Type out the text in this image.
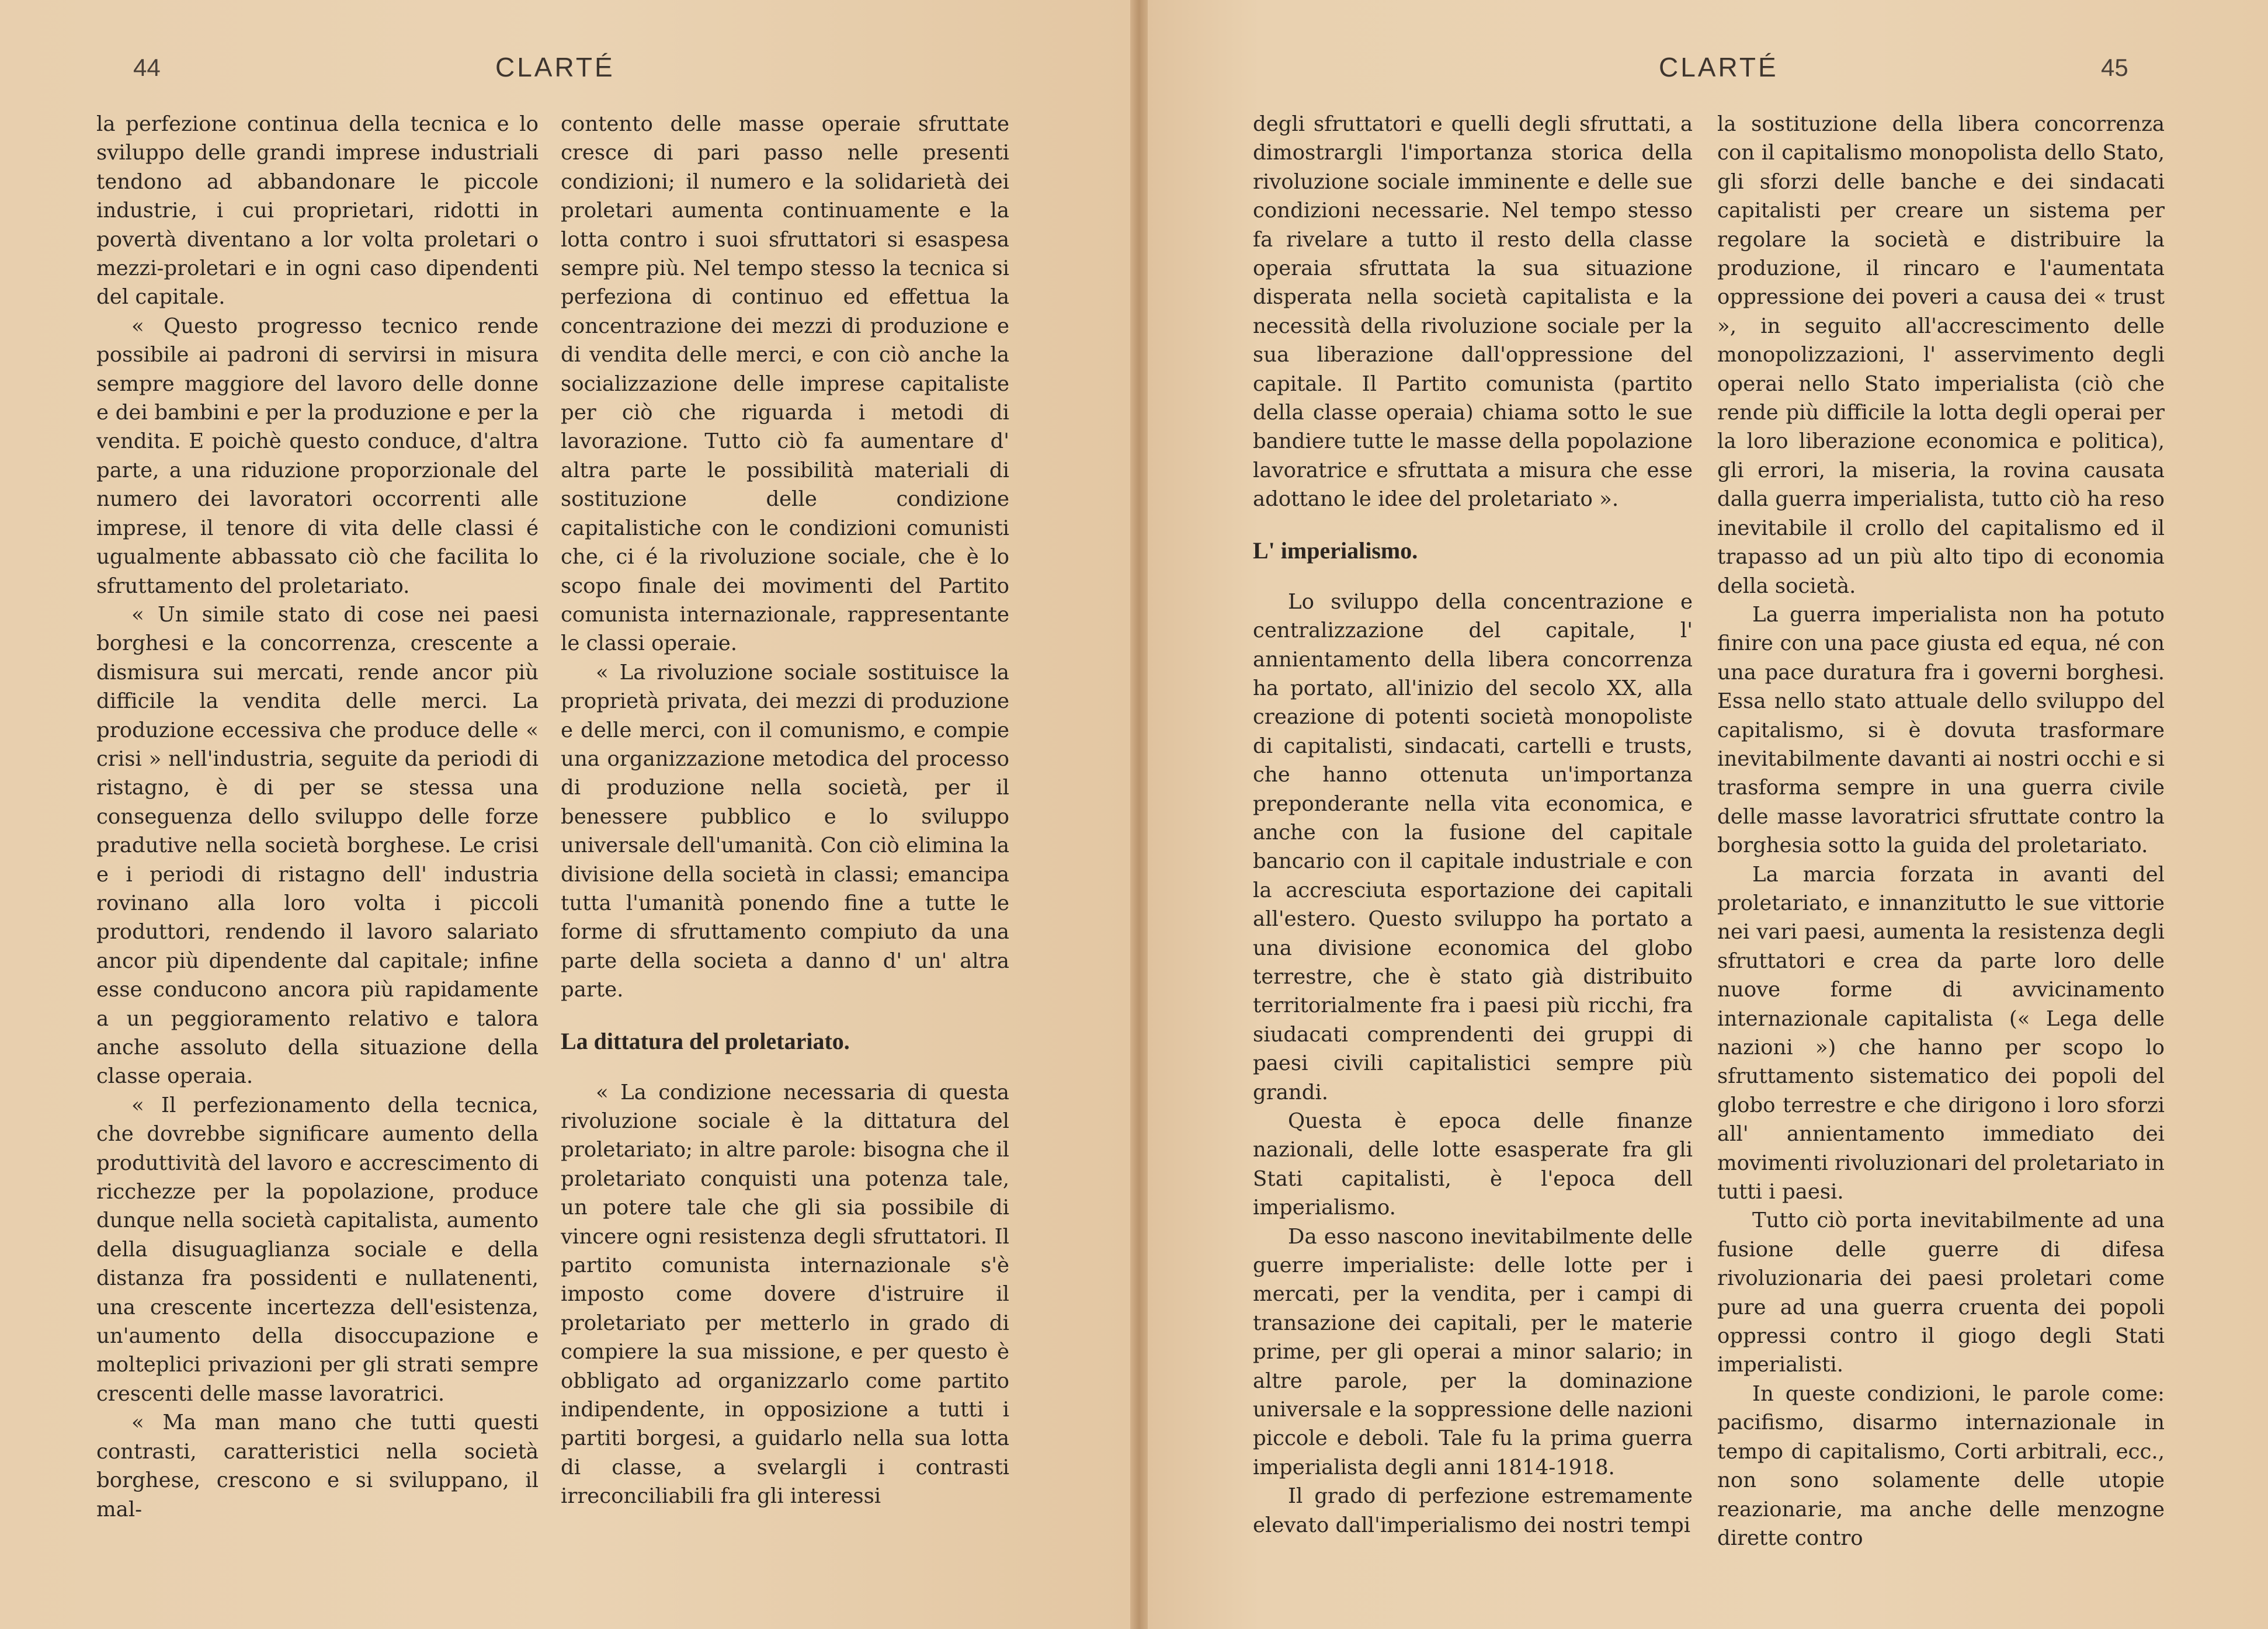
44	CLARTÉ

la perfezione continua della tecnica e lo sviluppo delle grandi imprese industriali tendono ad abbandonare le piccole industrie, i cui proprietari, ridotti in povertà diventano a lor volta proletari o mezzi-proletari e in ogni caso dipendenti del capitale.

« Questo progresso tecnico rende possibile ai padroni di servirsi in misura sempre maggiore del lavoro delle donne e dei bambini e per la produzione e per la vendita. E poichè questo conduce, d'altra parte, a una riduzione proporzionale del numero dei lavoratori occorrenti alle imprese, il tenore di vita delle classi é ugualmente abbassato ciò che facilita lo sfruttamento del proletariato.

« Un simile stato di cose nei paesi borghesi e la concorrenza, crescente a dismisura sui mercati, rende ancor più difficile la vendita delle merci. La produzione eccessiva che produce delle « crisi » nell'industria, seguite da periodi di ristagno, è di per se stessa una conseguenza dello sviluppo delle forze pradutive nella società borghese. Le crisi e i periodi di ristagno dell' industria rovinano alla loro volta i piccoli produttori, rendendo il lavoro salariato ancor più dipendente dal capitale; infine esse conducono ancora più rapidamente a un peggioramento relativo e talora anche assoluto della situazione della classe operaia.

« Il perfezionamento della tecnica, che dovrebbe significare aumento della produttività del lavoro e accrescimento di ricchezze per la popolazione, produce dunque nella società capitalista, aumento della disuguaglianza sociale e della distanza fra possidenti e nullatenenti, una crescente incertezza dell'esistenza, un'aumento della disoccupazione e molteplici privazioni per gli strati sempre crescenti delle masse lavoratrici.

« Ma man mano che tutti questi contrasti, caratteristici nella società borghese, crescono e si sviluppano, il mal-

contento delle masse operaie sfruttate cresce di pari passo nelle presenti condizioni; il numero e la solidarietà dei proletari aumenta continuamente e la lotta contro i suoi sfruttatori si esaspesa sempre più. Nel tempo stesso la tecnica si perfeziona di continuo ed effettua la concentrazione dei mezzi di produzione e di vendita delle merci, e con ciò anche la socializzazione delle imprese capitaliste per ciò che riguarda i metodi di lavorazione. Tutto ciò fa aumentare d' altra parte le possibilità materiali di sostituzione delle condizione capitalistiche con le condizioni comunisti che, ci é la rivoluzione sociale, che è lo scopo finale dei movimenti del Partito comunista internazionale, rappresentante le classi operaie.

« La rivoluzione sociale sostituisce la proprietà privata, dei mezzi di produzione e delle merci, con il comunismo, e compie una organizzazione metodica del processo di produzione nella società, per il benessere pubblico e lo sviluppo universale dell'umanità. Con ciò elimina la divisione della società in classi; emancipa tutta l'umanità ponendo fine a tutte le forme di sfruttamento compiuto da una parte della societa a danno d' un' altra parte.

La dittatura del proletariato.

« La condizione necessaria di questa rivoluzione sociale è la dittatura del proletariato; in altre parole: bisogna che il proletariato conquisti una potenza tale, un potere tale che gli sia possibile di vincere ogni resistenza degli sfruttatori. Il partito comunista internazionale s'è imposto come dovere d'istruire il proletariato per metterlo in grado di compiere la sua missione, e per questo è obbligato ad organizzarlo come partito indipendente, in opposizione a tutti i partiti borgesi, a guidarlo nella sua lotta di classe, a svelargli i contrasti irreconciliabili fra gli interessi

CLARTÉ	45

degli sfruttatori e quelli degli sfruttati, a dimostrargli l'importanza storica della rivoluzione sociale imminente e delle sue condizioni necessarie. Nel tempo stesso fa rivelare a tutto il resto della classe operaia sfruttata la sua situazione disperata nella società capitalista e la necessità della rivoluzione sociale per la sua liberazione dall'oppressione del capitale. Il Partito comunista (partito della classe operaia) chiama sotto le sue bandiere tutte le masse della popolazione lavoratrice e sfruttata a misura che esse adottano le idee del proletariato ».

L' imperialismo.

Lo sviluppo della concentrazione e centralizzazione del capitale, l' annientamento della libera concorrenza ha portato, all'inizio del secolo XX, alla creazione di potenti società monopoliste di capitalisti, sindacati, cartelli e trusts, che hanno ottenuta un'importanza preponderante nella vita economica, e anche con la fusione del capitale bancario con il capitale industriale e con la accresciuta esportazione dei capitali all'estero. Questo sviluppo ha portato a una divisione economica del globo terrestre, che è stato già distribuito territorialmente fra i paesi più ricchi, fra siudacati comprendenti dei gruppi di paesi civili capitalistici sempre più grandi.

Questa è epoca delle finanze nazionali, delle lotte esasperate fra gli Stati capitalisti, è l'epoca dell imperialismo.

Da esso nascono inevitabilmente delle guerre imperialiste: delle lotte per i mercati, per la vendita, per i campi di transazione dei capitali, per le materie prime, per gli operai a minor salario; in altre parole, per la dominazione universale e la soppressione delle nazioni piccole e deboli. Tale fu la prima guerra imperialista degli anni 1814-1918.

Il grado di perfezione estremamente elevato dall'imperialismo dei nostri tempi

la sostituzione della libera concorrenza con il capitalismo monopolista dello Stato, gli sforzi delle banche e dei sindacati capitalisti per creare un sistema per regolare la società e distribuire la produzione, il rincaro e l'aumentata oppressione dei poveri a causa dei « trust », in seguito all'accrescimento delle monopolizzazioni, l' asservimento degli operai nello Stato imperialista (ciò che rende più difficile la lotta degli operai per la loro liberazione economica e politica), gli errori, la miseria, la rovina causata dalla guerra imperialista, tutto ciò ha reso inevitabile il crollo del capitalismo ed il trapasso ad un più alto tipo di economia della società.

La guerra imperialista non ha potuto finire con una pace giusta ed equa, né con una pace duratura fra i governi borghesi. Essa nello stato attuale dello sviluppo del capitalismo, si è dovuta trasformare inevitabilmente davanti ai nostri occhi e si trasforma sempre in una guerra civile delle masse lavoratrici sfruttate contro la borghesia sotto la guida del proletariato.

La marcia forzata in avanti del proletariato, e innanzitutto le sue vittorie nei vari paesi, aumenta la resistenza degli sfruttatori e crea da parte loro delle nuove forme di avvicinamento internazionale capitalista (« Lega delle nazioni ») che hanno per scopo lo sfruttamento sistematico dei popoli del globo terrestre e che dirigono i loro sforzi all' annientamento immediato dei movimenti rivoluzionari del proletariato in tutti i paesi.

Tutto ciò porta inevitabilmente ad una fusione delle guerre di difesa rivoluzionaria dei paesi proletari come pure ad una guerra cruenta dei popoli oppressi contro il giogo degli Stati imperialisti.

In queste condizioni, le parole come: pacifismo, disarmo internazionale in tempo di capitalismo, Corti arbitrali, ecc., non sono solamente delle utopie reazionarie, ma anche delle menzogne dirette contro
